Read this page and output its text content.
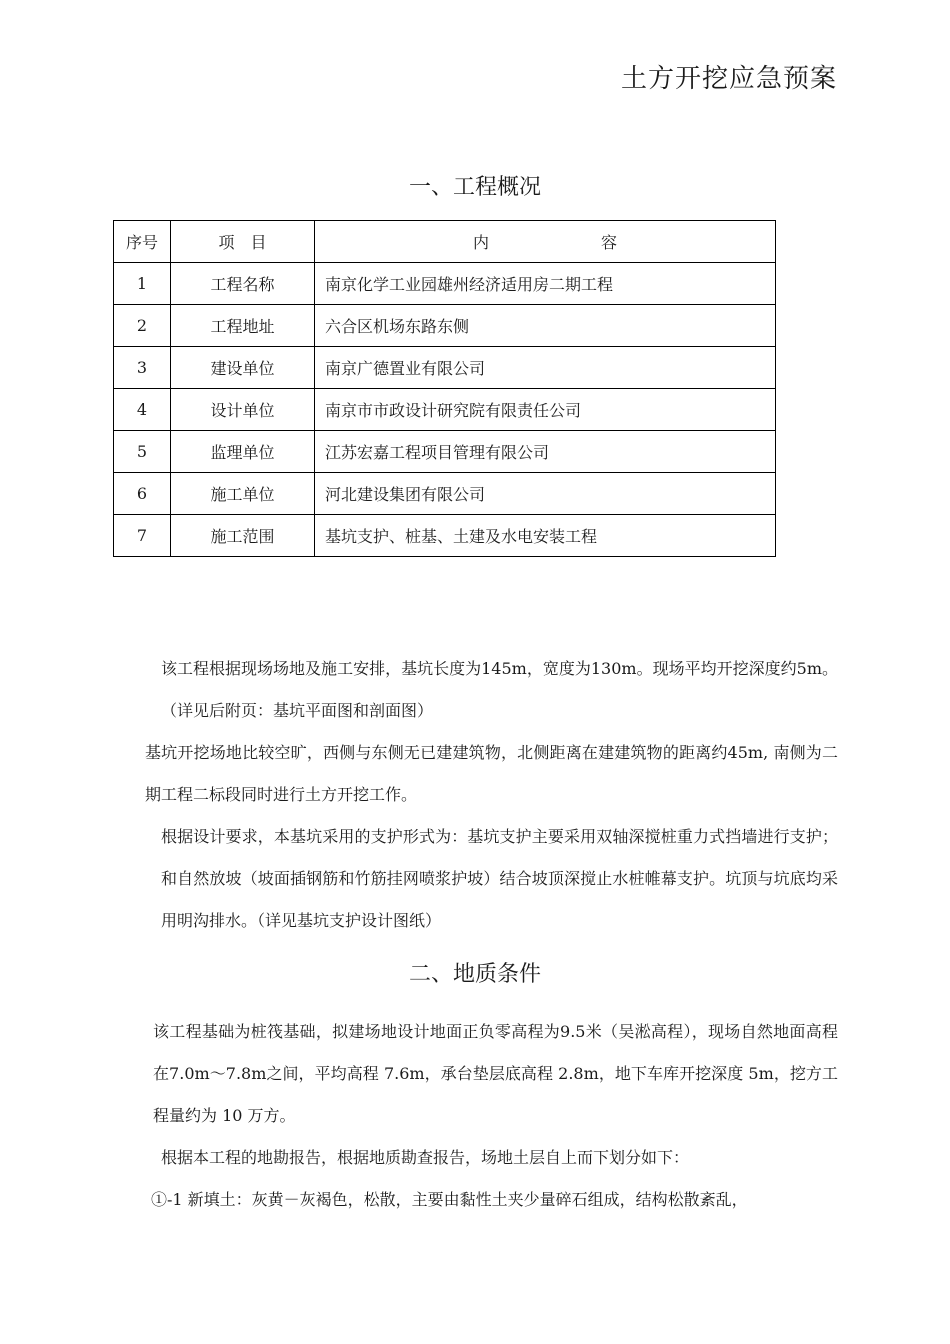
土方开挖应急预案
一、工程概况
序号	项　目	内　　　　　　　容
1	工程名称	南京化学工业园雄州经济适用房二期工程
2	工程地址	六合区机场东路东侧
3	建设单位	南京广德置业有限公司
4	设计单位	南京市市政设计研究院有限责任公司
5	监理单位	江苏宏嘉工程项目管理有限公司
6	施工单位	河北建设集团有限公司
7	施工范围	基坑支护、桩基、土建及水电安装工程
该工程根据现场场地及施工安排，基坑长度为145m，宽度为130m。现场平均开挖深度约5m。（详见后附页：基坑平面图和剖面图）
基坑开挖场地比较空旷，西侧与东侧无已建建筑物，北侧距离在建建筑物的距离约45m, 南侧为二期工程二标段同时进行土方开挖工作。
根据设计要求，本基坑采用的支护形式为：基坑支护主要采用双轴深搅桩重力式挡墙进行支护；和自然放坡（坡面插钢筋和竹筋挂网喷浆护坡）结合坡顶深搅止水桩帷幕支护。坑顶与坑底均采用明沟排水。（详见基坑支护设计图纸）
二、地质条件
该工程基础为桩筏基础，拟建场地设计地面正负零高程为9.5米（吴淞高程），现场自然地面高程在7.0m～7.8m之间，平均高程 7.6m，承台垫层底高程 2.8m，地下车库开挖深度 5m，挖方工程量约为 10 万方。
根据本工程的地勘报告，根据地质勘查报告，场地土层自上而下划分如下：
①-1 新填土：灰黄－灰褐色，松散，主要由黏性土夹少量碎石组成，结构松散紊乱，
